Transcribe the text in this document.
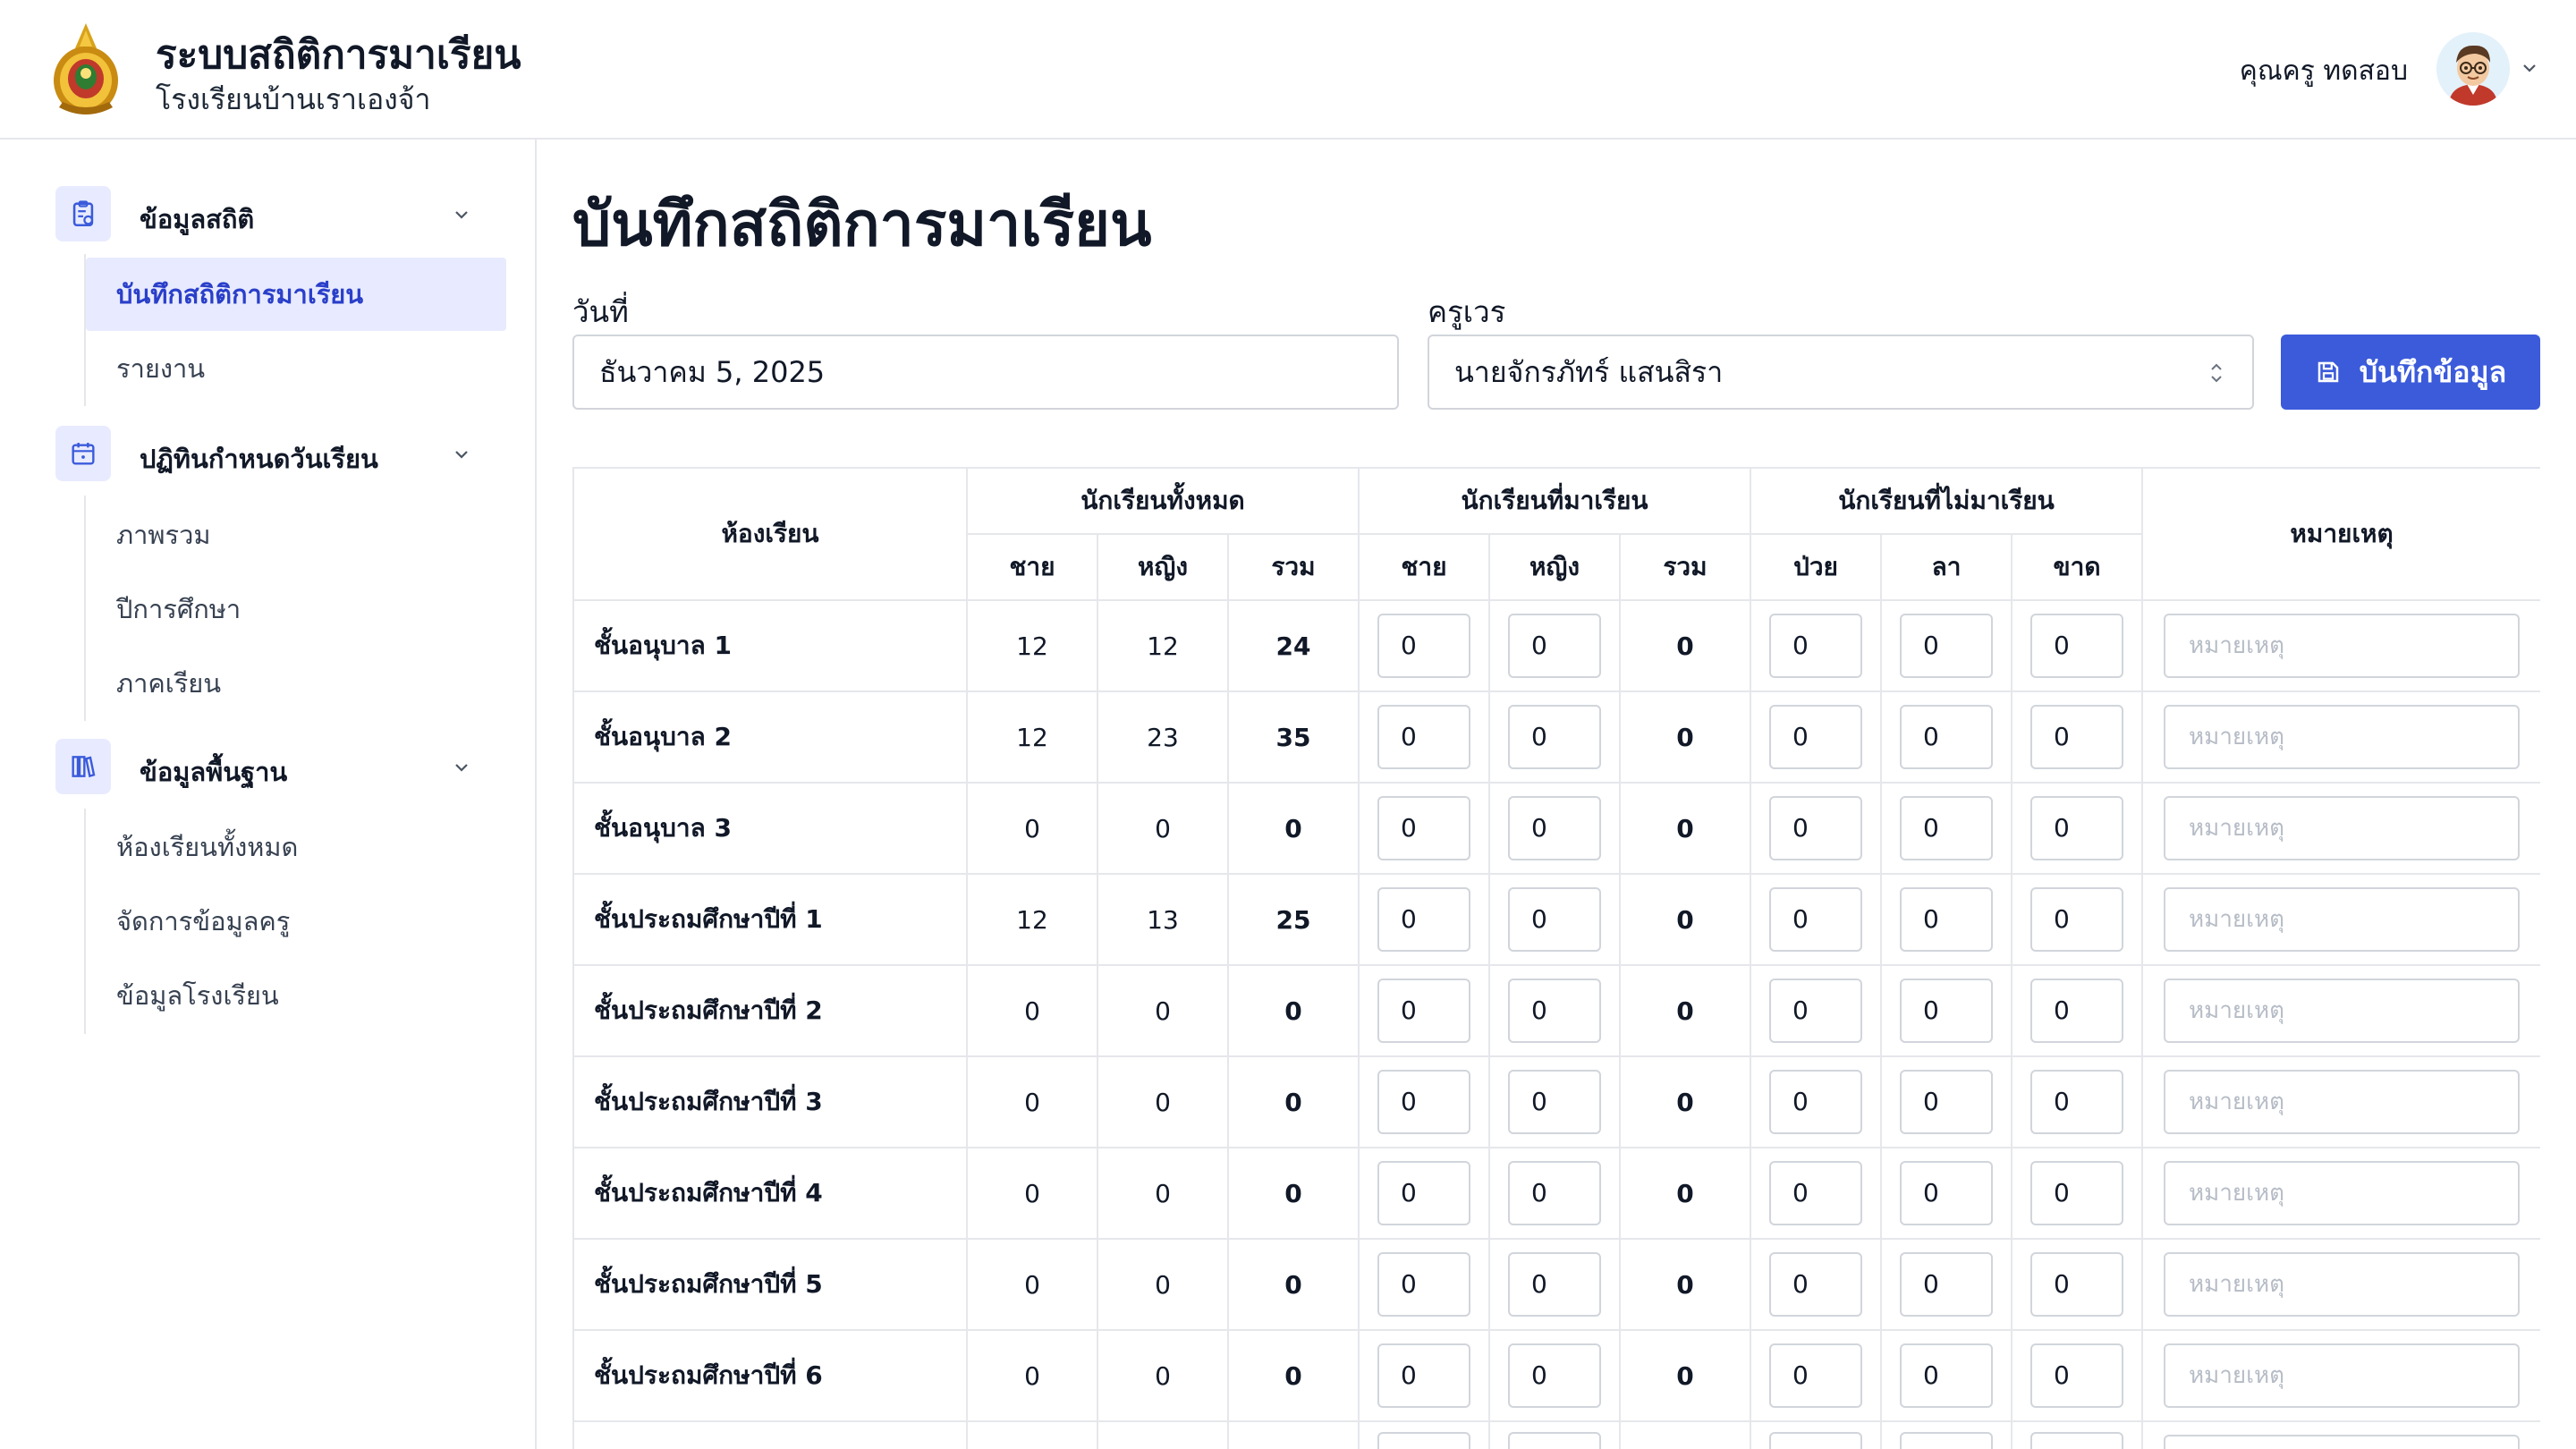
ระบบสถิติการมาเรียน
โรงเรียนบ้านเราเองจ้า
คุณครู ทดสอบ
ข้อมูลสถิติ
บันทึกสถิติการมาเรียน
รายงาน
ปฏิทินกำหนดวันเรียน
ภาพรวม
ปีการศึกษา
ภาคเรียน
ข้อมูลพื้นฐาน
ห้องเรียนทั้งหมด
จัดการข้อมูลครู
ข้อมูลโรงเรียน
บันทึกสถิติการมาเรียน
วันที่
ธันวาคม 5, 2025
ครูเวร
นายจักรภัทร์ แสนสิรา	บันทึกข้อมูล
ห้องเรียน	นักเรียนทั้งหมด			นักเรียนที่มาเรียน			นักเรียนที่ไม่มาเรียน			หมายเหตุ
	ชาย	หญิง	รวม	ชาย	หญิง	รวม	ป่วย	ลา	ขาด	
ชั้นอนุบาล 1	12	12	24	0	0	0	0	0	0	หมายเหตุ
ชั้นอนุบาล 2	12	23	35	0	0	0	0	0	0	หมายเหตุ
ชั้นอนุบาล 3	0	0	0	0	0	0	0	0	0	หมายเหตุ
ชั้นประถมศึกษาปีที่ 1	12	13	25	0	0	0	0	0	0	หมายเหตุ
ชั้นประถมศึกษาปีที่ 2	0	0	0	0	0	0	0	0	0	หมายเหตุ
ชั้นประถมศึกษาปีที่ 3	0	0	0	0	0	0	0	0	0	หมายเหตุ
ชั้นประถมศึกษาปีที่ 4	0	0	0	0	0	0	0	0	0	หมายเหตุ
ชั้นประถมศึกษาปีที่ 5	0	0	0	0	0	0	0	0	0	หมายเหตุ
ชั้นประถมศึกษาปีที่ 6	0	0	0	0	0	0	0	0	0	หมายเหตุ
